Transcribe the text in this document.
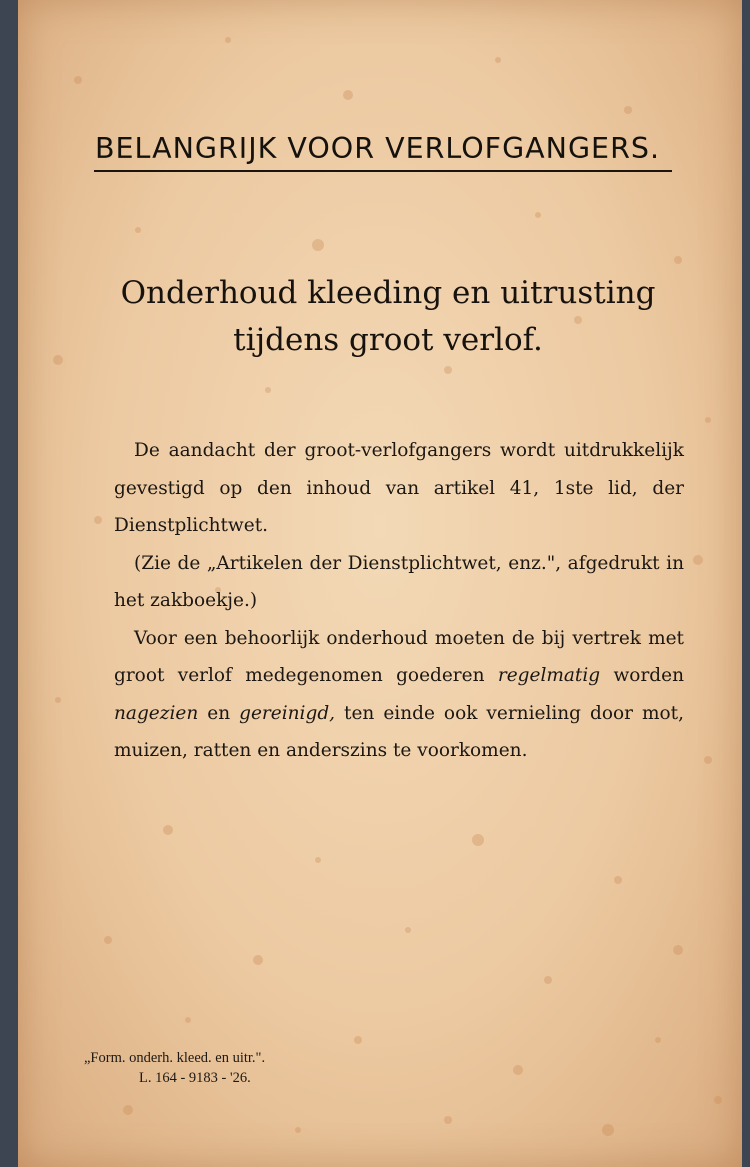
BELANGRIJK VOOR VERLOFGANGERS.
Onderhoud kleeding en uitrusting
tijdens groot verlof.

De aandacht der groot-verlofgangers wordt uitdrukkelijk gevestigd op den inhoud van artikel 41, 1ste lid, der Dienstplichtwet.

(Zie de „Artikelen der Dienstplichtwet, enz.", afgedrukt in het zakboekje.)

Voor een behoorlijk onderhoud moeten de bij vertrek met groot verlof medegenomen goederen regelmatig worden nagezien en gereinigd, ten einde ook vernieling door mot, muizen, ratten en anderszins te voorkomen.

„Form. onderh. kleed. en uitr.".
L. 164 - 9183 - '26.
